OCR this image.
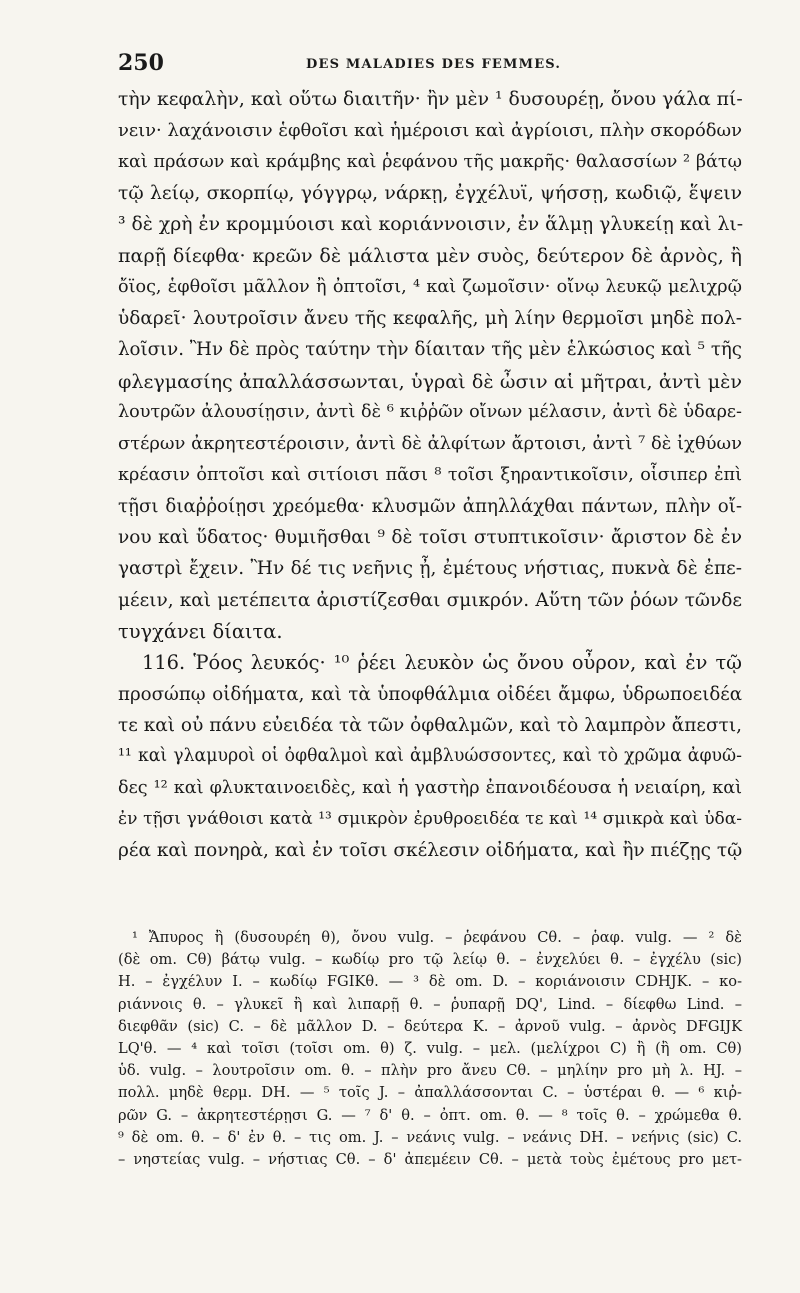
250	DES MALADIES DES FEMMES.
τὴν κεφαλὴν, καὶ οὕτω διαιτῆν· ἢν μὲν ¹ δυσουρέῃ, ὄνου γάλα πί-
νειν· λαχάνοισιν ἑφθοῖσι καὶ ἡμέροισι καὶ ἀγρίοισι, πλὴν σκορόδων
καὶ πράσων καὶ κράμβης καὶ ῥεφάνου τῆς μακρῆς· θαλασσίων ² βάτῳ
τῷ λείῳ, σκορπίῳ, γόγγρῳ, νάρκῃ, ἐγχέλυϊ, ψήσσῃ, κωδιῷ, ἕψειν
³ δὲ χρὴ ἐν κρομμύοισι καὶ κοριάννοισιν, ἐν ἅλμῃ γλυκείῃ καὶ λι-
παρῇ δίεφθα· κρεῶν δὲ μάλιστα μὲν συὸς, δεύτερον δὲ ἀρνὸς, ἢ
ὄϊος, ἑφθοῖσι μᾶλλον ἢ ὀπτοῖσι, ⁴ καὶ ζωμοῖσιν· οἴνῳ λευκῷ μελιχρῷ
ὑδαρεῖ· λουτροῖσιν ἄνευ τῆς κεφαλῆς, μὴ λίην θερμοῖσι μηδὲ πολ-
λοῖσιν. Ἢν δὲ πρὸς ταύτην τὴν δίαιταν τῆς μὲν ἑλκώσιος καὶ ⁵ τῆς
φλεγμασίης ἀπαλλάσσωνται, ὑγραὶ δὲ ὦσιν αἱ μῆτραι, ἀντὶ μὲν
λουτρῶν ἀλουσίῃσιν, ἀντὶ δὲ ⁶ κιῤῥῶν οἴνων μέλασιν, ἀντὶ δὲ ὑδαρε-
στέρων ἀκρητεστέροισιν, ἀντὶ δὲ ἀλφίτων ἄρτοισι, ἀντὶ ⁷ δὲ ἰχθύων
κρέασιν ὀπτοῖσι καὶ σιτίοισι πᾶσι ⁸ τοῖσι ξηραντικοῖσιν, οἷσιπερ ἐπὶ
τῇσι διαῤῥοίῃσι χρεόμεθα· κλυσμῶν ἀπηλλάχθαι πάντων, πλὴν οἴ-
νου καὶ ὕδατος· θυμιῆσθαι ⁹ δὲ τοῖσι στυπτικοῖσιν· ἄριστον δὲ ἐν
γαστρὶ ἔχειν. Ἢν δέ τις νεῆνις ᾖ, ἐμέτους νήστιας, πυκνὰ δὲ ἐπε-
μέειν, καὶ μετέπειτα ἀριστίζεσθαι σμικρόν. Αὕτη τῶν ῥόων τῶνδε
τυγχάνει δίαιτα.
116. Ῥόος λευκός· ¹⁰ ῥέει λευκὸν ὡς ὄνου οὖρον, καὶ ἐν τῷ
προσώπῳ οἰδήματα, καὶ τὰ ὑποφθάλμια οἰδέει ἄμφω, ὑδρωποειδέα
τε καὶ οὐ πάνυ εὐειδέα τὰ τῶν ὀφθαλμῶν, καὶ τὸ λαμπρὸν ἄπεστι,
¹¹ καὶ γλαμυροὶ οἱ ὀφθαλμοὶ καὶ ἀμβλυώσσοντες, καὶ τὸ χρῶμα ἀφυῶ-
δες ¹² καὶ φλυκταινοειδὲς, καὶ ἡ γαστὴρ ἐπανοιδέουσα ἡ νειαίρη, καὶ
ἐν τῇσι γνάθοισι κατὰ ¹³ σμικρὸν ἐρυθροειδέα τε καὶ ¹⁴ σμικρὰ καὶ ὑδα-
ρέα καὶ πονηρὰ, καὶ ἐν τοῖσι σκέλεσιν οἰδήματα, καὶ ἢν πιέζῃς τῷ
¹ Ἄπυρος ἢ (δυσουρέη θ), ὄνου vulg. – ῥεφάνου Cθ. – ῥαφ. vulg. — ² δὲ
(δὲ om. Cθ) βάτῳ vulg. – κωδίῳ pro τῷ λείῳ θ. – ἐνχελύει θ. – ἐγχέλυ (sic)
H. – ἐγχέλυν I. – κωδίῳ FGIKθ. — ³ δὲ om. D. – κοριάνοισιν CDHJK. – κο-
ριάννοις θ. – γλυκεῖ ἢ καὶ λιπαρῇ θ. – ῥυπαρῇ DQ', Lind. – δίεφθω Lind. –
διεφθᾶν (sic) C. – δὲ μᾶλλον D. – δεύτερα K. – ἀρνοῦ vulg. – ἀρνὸς DFGIJK
LQ'θ. — ⁴ καὶ τοῖσι (τοῖσι om. θ) ζ. vulg. – μελ. (μελίχροι C) ἢ (ἢ om. Cθ)
ὑδ. vulg. – λουτροῖσιν om. θ. – πλὴν pro ἄνευ Cθ. – μηλίην pro μὴ λ. HJ. –
πολλ. μηδὲ θερμ. DH. — ⁵ τοῖς J. – ἀπαλλάσσονται C. – ὑστέραι θ. — ⁶ κιῤ-
ρῶν G. – ἀκρητεστέρῃσι G. — ⁷ δ' θ. – ὀπτ. om. θ. — ⁸ τοῖς θ. – χρώμεθα θ.
⁹ δὲ om. θ. – δ' ἐν θ. – τις om. J. – νεάνις vulg. – νεάνις DH. – νεήνις (sic) C.
– νηστείας vulg. – νήστιας Cθ. – δ' ἀπεμέειν Cθ. – μετὰ τοὺς ἐμέτους pro μετ-
